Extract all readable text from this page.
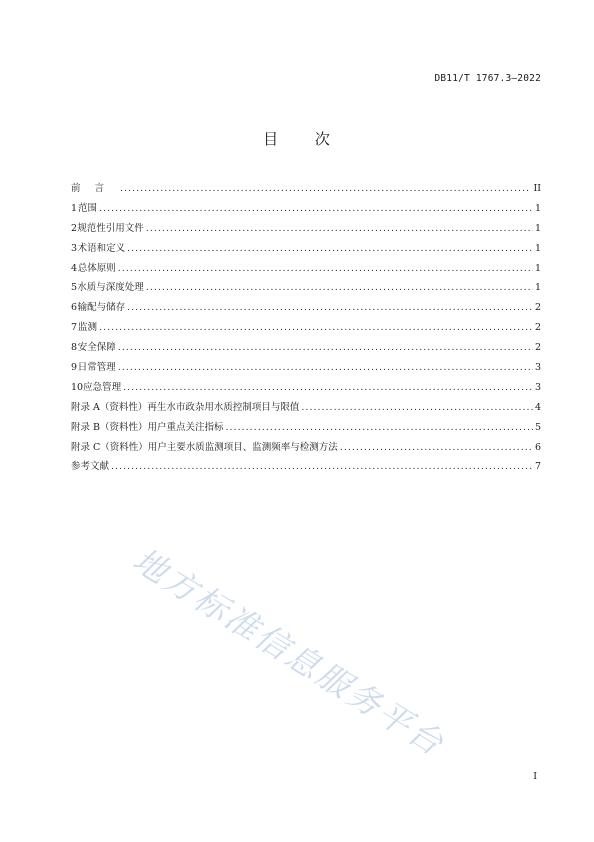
DB11/T 1767.3—2022
目 次
前言 .....	II
1 范围 .....	1
2 规范性引用文件 .....	1
3 术语和定义 .....	1
4 总体原则 .....	1
5 水质与深度处理 .....	1
6 输配与储存 .....	2
7 监测 .....	2
8 安全保障 .....	2
9 日常管理 .....	3
10 应急管理 .....	3
附录 A（资料性） 再生水市政杂用水质控制项目与限值 .....	4
附录 B（资料性） 用户重点关注指标 .....	5
附录 C（资料性） 用户主要水质监测项目、监测频率与检测方法 .....	6
参考文献 .....	7
地方标准信息服务平台
I
